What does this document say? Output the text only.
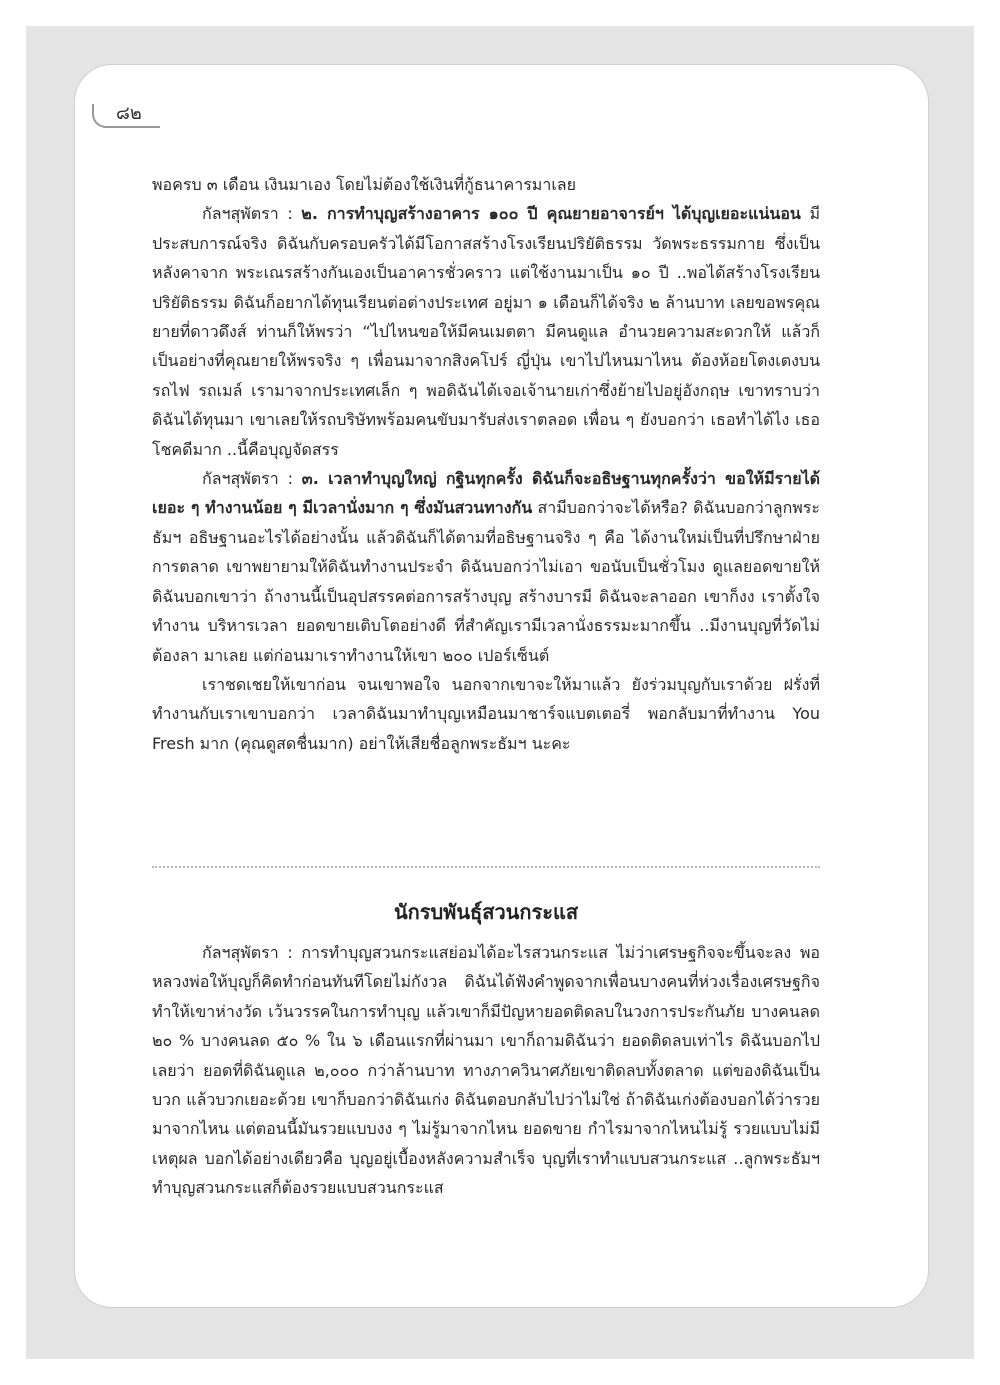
๘๒

พอครบ ๓ เดือน เงินมาเอง โดยไม่ต้องใช้เงินที่กู้ธนาคารมาเลย

กัลฯสุพัตรา : ๒. การทำบุญสร้างอาคาร ๑๐๐ ปี คุณยายอาจารย์ฯ ได้บุญเยอะแน่นอน มีประสบการณ์จริง ดิฉันกับครอบครัวได้มีโอกาสสร้างโรงเรียนปริยัติธรรม วัดพระธรรมกาย ซึ่งเป็นหลังคาจาก พระเณรสร้างกันเองเป็นอาคารชั่วคราว แต่ใช้งานมาเป็น ๑๐ ปี ..พอได้สร้างโรงเรียนปริยัติธรรม ดิฉันก็อยากได้ทุนเรียนต่อต่างประเทศ อยู่มา ๑ เดือนก็ได้จริง ๒ ล้านบาท เลยขอพรคุณยายที่ดาวดึงส์ ท่านก็ให้พรว่า “ไปไหนขอให้มีคนเมตตา มีคนดูแล อำนวยความสะดวกให้ แล้วก็เป็นอย่างที่คุณยายให้พรจริง ๆ เพื่อนมาจากสิงคโปร์ ญี่ปุ่น เขาไปไหนมาไหน ต้องห้อยโตงเตงบนรถไฟ รถเมล์ เรามาจากประเทศเล็ก ๆ พอดิฉันได้เจอเจ้านายเก่าซึ่งย้ายไปอยู่อังกฤษ เขาทราบว่าดิฉันได้ทุนมา เขาเลยให้รถบริษัทพร้อมคนขับมารับส่งเราตลอด เพื่อน ๆ ยังบอกว่า เธอทำได้ไง เธอโชคดีมาก ..นี้คือบุญจัดสรร

กัลฯสุพัตรา : ๓. เวลาทำบุญใหญ่ กฐินทุกครั้ง ดิฉันก็จะอธิษฐานทุกครั้งว่า ขอให้มีรายได้เยอะ ๆ ทำงานน้อย ๆ มีเวลานั่งมาก ๆ ซึ่งมันสวนทางกัน สามีบอกว่าจะได้หรือ? ดิฉันบอกว่าลูกพระธัมฯ อธิษฐานอะไรได้อย่างนั้น แล้วดิฉันก็ได้ตามที่อธิษฐานจริง ๆ คือ ได้งานใหม่เป็นที่ปรึกษาฝ่ายการตลาด เขาพยายามให้ดิฉันทำงานประจำ ดิฉันบอกว่าไม่เอา ขอนับเป็นชั่วโมง ดูแลยอดขายให้ ดิฉันบอกเขาว่า ถ้างานนี้เป็นอุปสรรคต่อการสร้างบุญ สร้างบารมี ดิฉันจะลาออก เขาก็งง เราตั้งใจทำงาน บริหารเวลา ยอดขายเติบโตอย่างดี ที่สำคัญเรามีเวลานั่งธรรมะมากขึ้น ..มีงานบุญที่วัดไม่ต้องลา มาเลย แต่ก่อนมาเราทำงานให้เขา ๒๐๐ เปอร์เซ็นต์

เราชดเชยให้เขาก่อน จนเขาพอใจ นอกจากเขาจะให้มาแล้ว ยังร่วมบุญกับเราด้วย ฝรั่งที่ทำงานกับเราเขาบอกว่า เวลาดิฉันมาทำบุญเหมือนมาชาร์จแบตเตอรี่ พอกลับมาที่ทำงาน You Fresh มาก (คุณดูสดชื่นมาก) อย่าให้เสียชื่อลูกพระธัมฯ นะคะ

นักรบพันธุ์สวนกระแส

กัลฯสุพัตรา : การทำบุญสวนกระแสย่อมได้อะไรสวนกระแส ไม่ว่าเศรษฐกิจจะขึ้นจะลง พอหลวงพ่อให้บุญก็คิดทำก่อนทันทีโดยไม่กังวล ดิฉันได้ฟังคำพูดจากเพื่อนบางคนที่ห่วงเรื่องเศรษฐกิจ ทำให้เขาห่างวัด เว้นวรรคในการทำบุญ แล้วเขาก็มีปัญหายอดติดลบในวงการประกันภัย บางคนลด ๒๐ % บางคนลด ๕๐ % ใน ๖ เดือนแรกที่ผ่านมา เขาก็ถามดิฉันว่า ยอดติดลบเท่าไร ดิฉันบอกไปเลยว่า ยอดที่ดิฉันดูแล ๒,๐๐๐ กว่าล้านบาท ทางภาควินาศภัยเขาติดลบทั้งตลาด แต่ของดิฉันเป็นบวก แล้วบวกเยอะด้วย เขาก็บอกว่าดิฉันเก่ง ดิฉันตอบกลับไปว่าไม่ใช่ ถ้าดิฉันเก่งต้องบอกได้ว่ารวยมาจากไหน แต่ตอนนี้มันรวยแบบงง ๆ ไม่รู้มาจากไหน ยอดขาย กำไรมาจากไหนไม่รู้ รวยแบบไม่มีเหตุผล บอกได้อย่างเดียวคือ บุญอยู่เบื้องหลังความสำเร็จ บุญที่เราทำแบบสวนกระแส ..ลูกพระธัมฯ ทำบุญสวนกระแสก็ต้องรวยแบบสวนกระแส
